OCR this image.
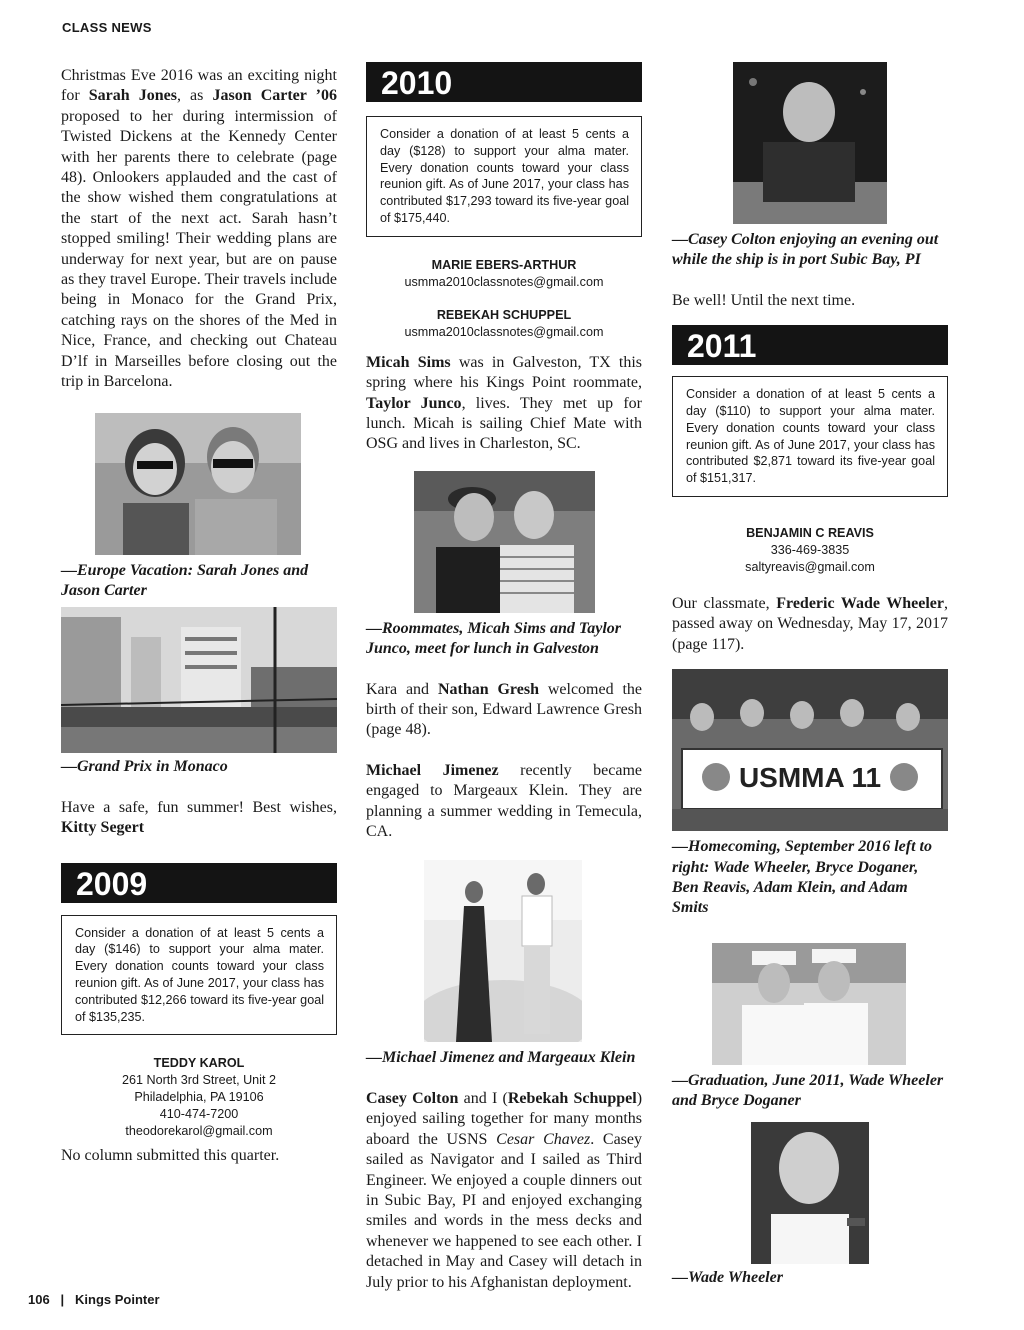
CLASS NEWS

Christmas Eve 2016 was an exciting night for Sarah Jones, as Jason Carter ’06 proposed to her during intermission of Twisted Dickens at the Kennedy Center with her parents there to celebrate (page 48). Onlookers applauded and the cast of the show wished them congratulations at the start of the next act. Sarah hasn’t stopped smiling! Their wedding plans are underway for next year, but are on pause as they travel Europe. Their travels include being in Monaco for the Grand Prix, catching rays on the shores of the Med in Nice, France, and checking out Chateau D’lf in Marseilles before closing out the trip in Barcelona.

—Europe Vacation: Sarah Jones and Jason Carter

—Grand Prix in Monaco

Have a safe, fun summer! Best wishes, Kitty Segert

2009
Consider a donation of at least 5 cents a day ($146) to support your alma mater. Every donation counts toward your class reunion gift. As of June 2017, your class has contributed $12,266 toward its five-year goal of $135,235.
TEDDY KAROL
261 North 3rd Street, Unit 2
Philadelphia, PA 19106
410-474-7200
theodorekarol@gmail.com

No column submitted this quarter.

2010
Consider a donation of at least 5 cents a day ($128) to support your alma mater. Every donation counts toward your class reunion gift. As of June 2017, your class has contributed $17,293 toward its five-year goal of $175,440.
MARIE EBERS-ARTHUR
usmma2010classnotes@gmail.com
REBEKAH SCHUPPEL
usmma2010classnotes@gmail.com

Micah Sims was in Galveston, TX this spring where his Kings Point roommate, Taylor Junco, lives. They met up for lunch. Micah is sailing Chief Mate with OSG and lives in Charleston, SC.

—Roommates, Micah Sims and Taylor Junco, meet for lunch in Galveston

Kara and Nathan Gresh welcomed the birth of their son, Edward Lawrence Gresh (page 48).

Michael Jimenez recently became engaged to Margeaux Klein. They are planning a summer wedding in Temecula, CA.

—Michael Jimenez and Margeaux Klein

Casey Colton and I (Rebekah Schuppel) enjoyed sailing together for many months aboard the USNS Cesar Chavez. Casey sailed as Navigator and I sailed as Third Engineer. We enjoyed a couple dinners out in Subic Bay, PI and enjoyed exchanging smiles and words in the mess decks and whenever we happened to see each other. I detached in May and Casey will detach in July prior to his Afghanistan deployment.

—Casey Colton enjoying an evening out while the ship is in port Subic Bay, PI

Be well! Until the next time.

2011
Consider a donation of at least 5 cents a day ($110) to support your alma mater. Every donation counts toward your class reunion gift. As of June 2017, your class has contributed $2,871 toward its five-year goal of $151,317.
BENJAMIN C REAVIS
336-469-3835
saltyreavis@gmail.com

Our classmate, Frederic Wade Wheeler, passed away on Wednesday, May 17, 2017 (page 117).

USMMA 11

—Homecoming, September 2016 left to right: Wade Wheeler, Bryce Doganer, Ben Reavis, Adam Klein, and Adam Smits

—Graduation, June 2011, Wade Wheeler and Bryce Doganer

—Wade Wheeler

106 | Kings Pointer
